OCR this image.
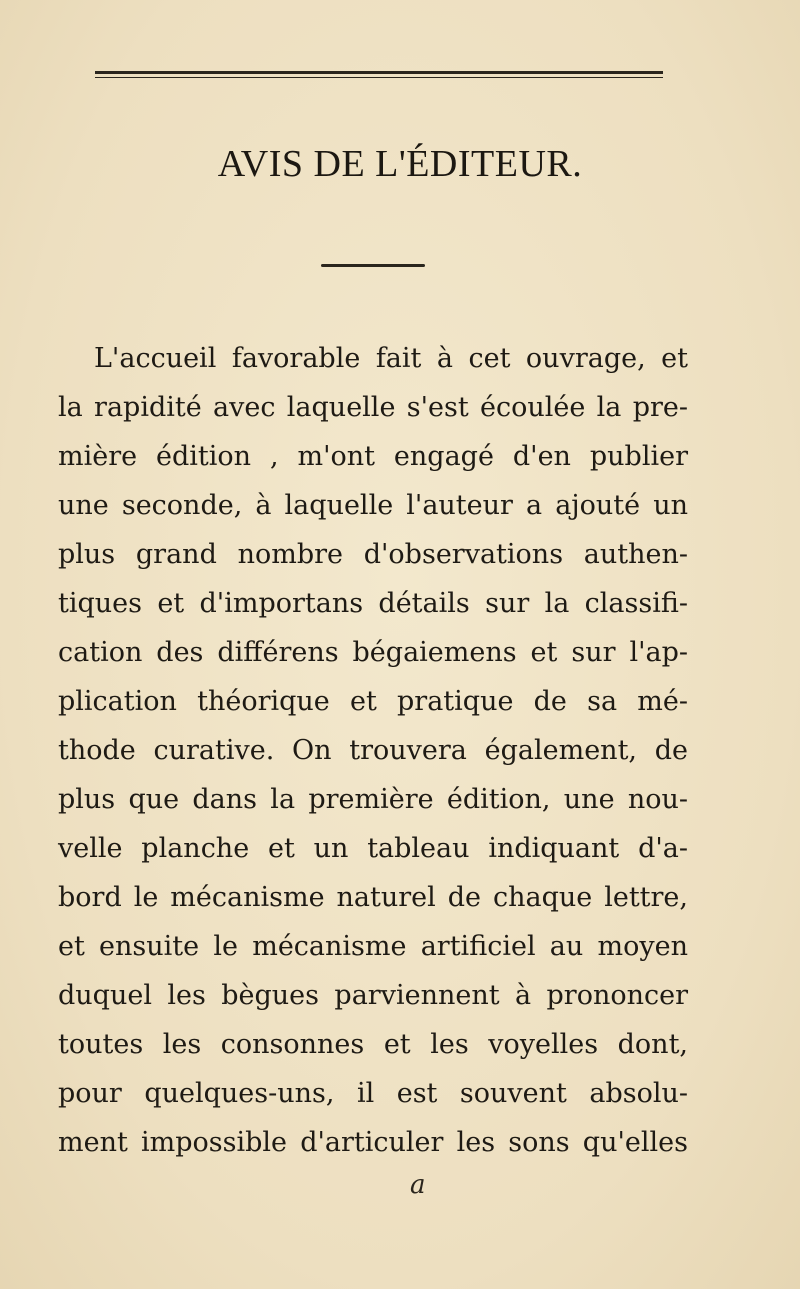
AVIS DE L'ÉDITEUR.
L'accueil favorable fait à cet ouvrage, et
la rapidité avec laquelle s'est écoulée la pre-
mière édition , m'ont engagé d'en publier
une seconde, à laquelle l'auteur a ajouté un
plus grand nombre d'observations authen-
tiques et d'importans détails sur la classifi-
cation des différens bégaiemens et sur l'ap-
plication théorique et pratique de sa mé-
thode curative. On trouvera également, de
plus que dans la première édition, une nou-
velle planche et un tableau indiquant d'a-
bord le mécanisme naturel de chaque lettre,
et ensuite le mécanisme artificiel au moyen
duquel les bègues parviennent à prononcer
toutes les consonnes et les voyelles dont,
pour quelques-uns, il est souvent absolu-
ment impossible d'articuler les sons qu'elles
a
